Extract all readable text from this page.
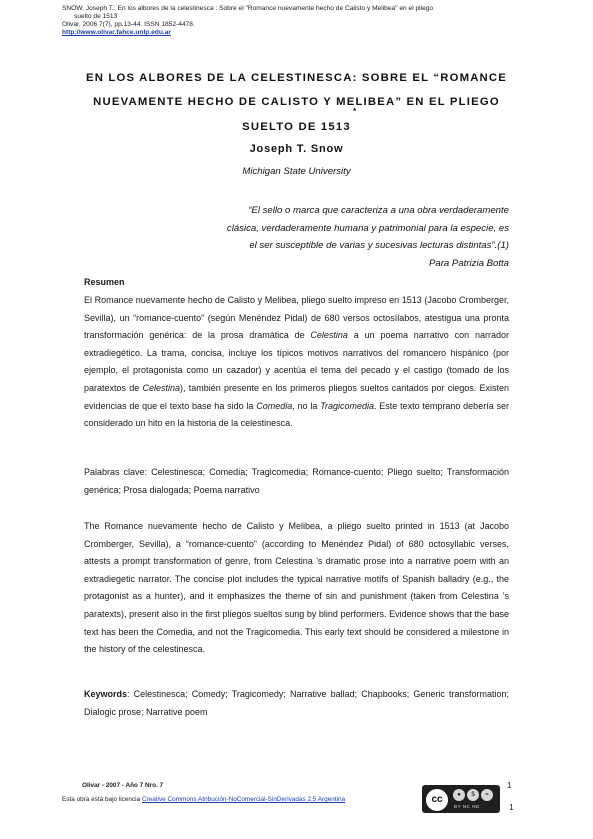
SNOW, Joseph T.: En los albores de la celestinesca : Sobre el "Romance nuevamente hecho de Calisto y Melibea" en el pliego
suelto de 1513
Olivar, 2006 7(7), pp.13-44. ISSN 1852-4478.
http://www.olivar.fahce.unlp.edu.ar
EN LOS ALBORES DE LA CELESTINESCA: SOBRE EL “ROMANCE
NUEVAMENTE HECHO DE CALISTO Y MELIBEA” EN EL PLIEGO
*
SUELTO DE 1513
Joseph T. Snow
Michigan State University
“El sello o marca que caracteriza a una obra verdaderamente
clásica, verdaderamente humana y patrimonial para la especie, es
el ser susceptible de varias y sucesivas lecturas distintas”.(1)
Para Patrizia Botta
Resumen
El Romance nuevamente hecho de Calisto y Melibea, pliego suelto impreso en 1513 (Jacobo Cromberger, Sevilla), un “romance-cuento” (según Menéndez Pidal) de 680 versos octosílabos, atestigua una pronta transformación genérica: de la prosa dramática de Celestina a un poema narrativo con narrador extradiegético. La trama, concisa, incluye los típicos motivos narrativos del romancero hispánico (por ejemplo, el protagonista como un cazador) y acentúa el tema del pecado y el castigo (tomado de los paratextos de Celestina), también presente en los primeros pliegos sueltos cantados por ciegos. Existen evidencias de que el texto base ha sido la Comedia, no la Tragicomedia. Este texto temprano debería ser considerado un hito en la historia de la celestinesca.
Palabras clave: Celestinesca; Comedia; Tragicomedia; Romance-cuento; Pliego suelto; Transformación genérica; Prosa dialogada; Poema narrativo
The Romance nuevamente hecho de Calisto y Melibea, a pliego suelto printed in 1513 (at Jacobo Cromberger, Sevilla), a “romance-cuento” (according to Menéndez Pidal) of 680 octosyllabic verses, attests a prompt transformation of genre, from Celestina ’s dramatic prose into a narrative poem with an extradiegetic narrator. The concise plot includes the typical narrative motifs of Spanish balladry (e.g., the protagonist as a hunter), and it emphasizes the theme of sin and punishment (taken from Celestina ’s paratexts), present also in the first pliegos sueltos sung by blind performers. Evidence shows that the base text has been the Comedia, and not the Tragicomedia. This early text should be considered a milestone in the history of the celestinesca.
Keywords: Celestinesca; Comedy; Tragicomedy; Narrative ballad; Chapbooks; Generic transformation; Dialogic prose; Narrative poem
Olivar - 2007 - Año 7 Nro. 7	1
Esta obra está bajo licencia Creative Commons Atribución-NoComercial-SinDerivadas 2.5 Argentina	cc	●	$	=
BY NC ND	1
